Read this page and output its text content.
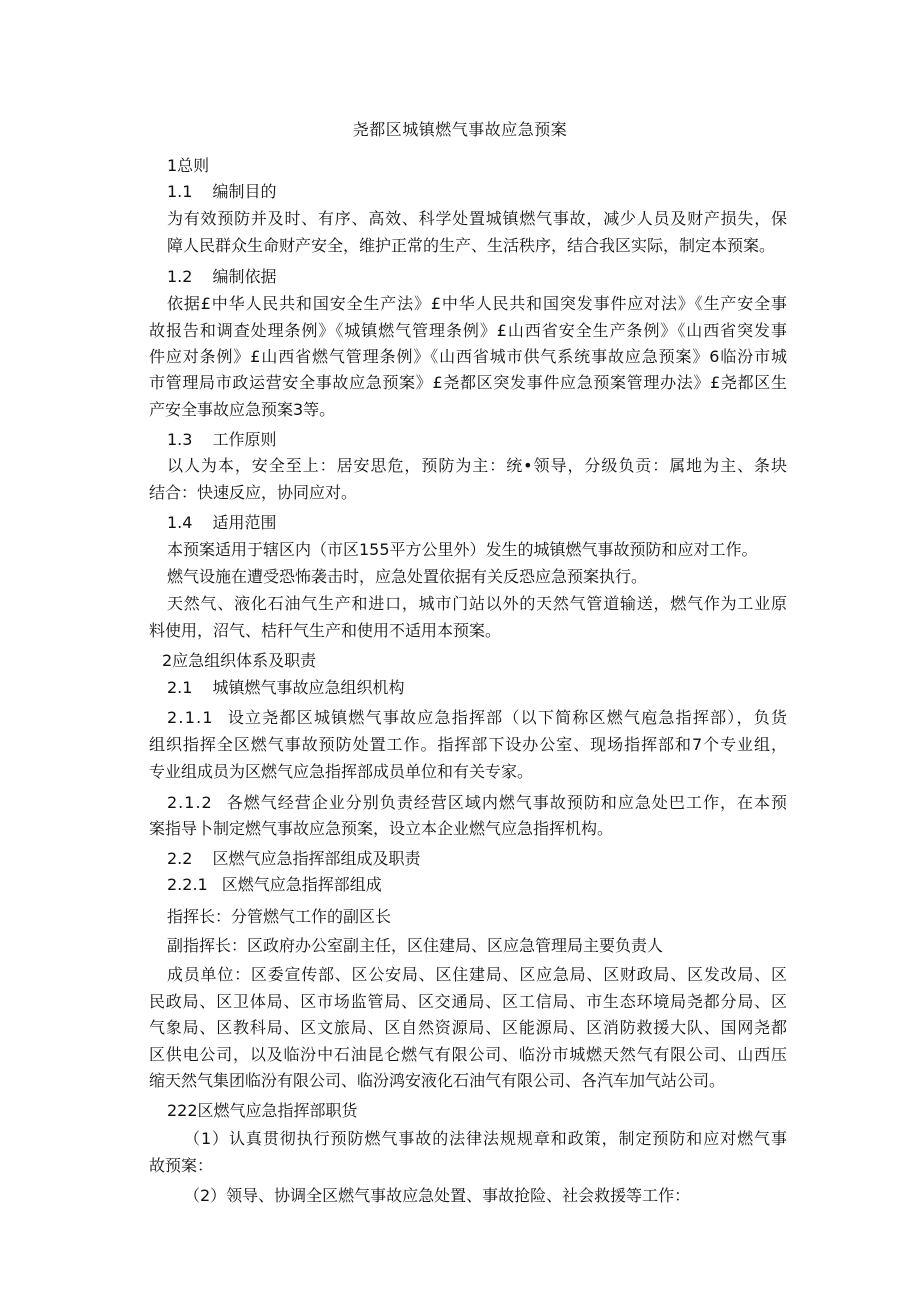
尧都区城镇燃气事故应急预案
1总则
1.1 编制目的
为有效预防并及时、有序、高效、科学处置城镇燃气事故，减少人员及财产损失，保
障人民群众生命财产安全，维护正常的生产、生活秩序，结合我区实际，制定本预案。
1.2 编制依据
依据£中华人民共和国安全生产法》£中华人民共和国突发事件应对法》《生产安全事
故报告和调查处理条例》《城镇燃气管理条例》£山西省安全生产条例》《山西省突发事
件应对条例》£山西省燃气管理条例》《山西省城市供气系统事故应急预案》6临汾市城
市管理局市政运营安全事故应急预案》£尧都区突发事件应急预案管理办法》£尧都区生
产安全事故应急预案3等。
1.3 工作原则
以人为本，安全至上：居安思危，预防为主：统•领导，分级负贡：属地为主、条块
结合：快速反应，协同应对。
1.4 适用范围
本预案适用于辖区内（市区155平方公里外）发生的城镇燃气事故预防和应对工作。
燃气设施在遭受恐怖袭击时，应急处置依据有关反恐应急预案执行。
天然气、液化石油气生产和进口，城市门站以外的天然气管道输送，燃气作为工业原
料使用，沼气、桔秆气生产和使用不适用本预案。
2应急组织体系及职责
2.1 城镇燃气事故应急组织机构
2.1.1 设立尧都区城镇燃气事故应急指挥部（以下简称区燃气庖急指挥部），负货
组织指挥全区燃气事故预防处置工作。指挥部下设办公室、现场指挥部和7个专业组，
专业组成员为区燃气应急指挥部成员单位和有关专家。
2.1.2 各燃气经营企业分别负责经营区域内燃气事故预防和应急处巴工作，在本预
案指导卜制定燃气事故应急预案，设立本企业燃气应急指挥机构。
2.2 区燃气应急指挥部组成及职责
2.2.1 区燃气应急指挥部组成
指挥长：分管燃气工作的副区长
副指挥长：区政府办公室副主任，区住建局、区应急管理局主要负责人
成员单位：区委宣传部、区公安局、区住建局、区应急局、区财政局、区发改局、区
民政局、区卫体局、区市场监管局、区交通局、区工信局、市生态环境局尧都分局、区
气象局、区教科局、区文旅局、区自然资源局、区能源局、区消防救援大队、国网尧都
区供电公司，以及临汾中石油昆仑燃气有限公司、临汾市城燃天然气有限公司、山西压
缩天然气集团临汾有限公司、临汾鸿安液化石油气有限公司、各汽车加气站公司。
222区燃气应急指挥部职货
（1）认真贯彻执行预防燃气事故的法律法规规章和政策，制定预防和应对燃气事
故预案：
（2）领导、协调全区燃气事故应急处置、事故抢险、社会救援等工作：
